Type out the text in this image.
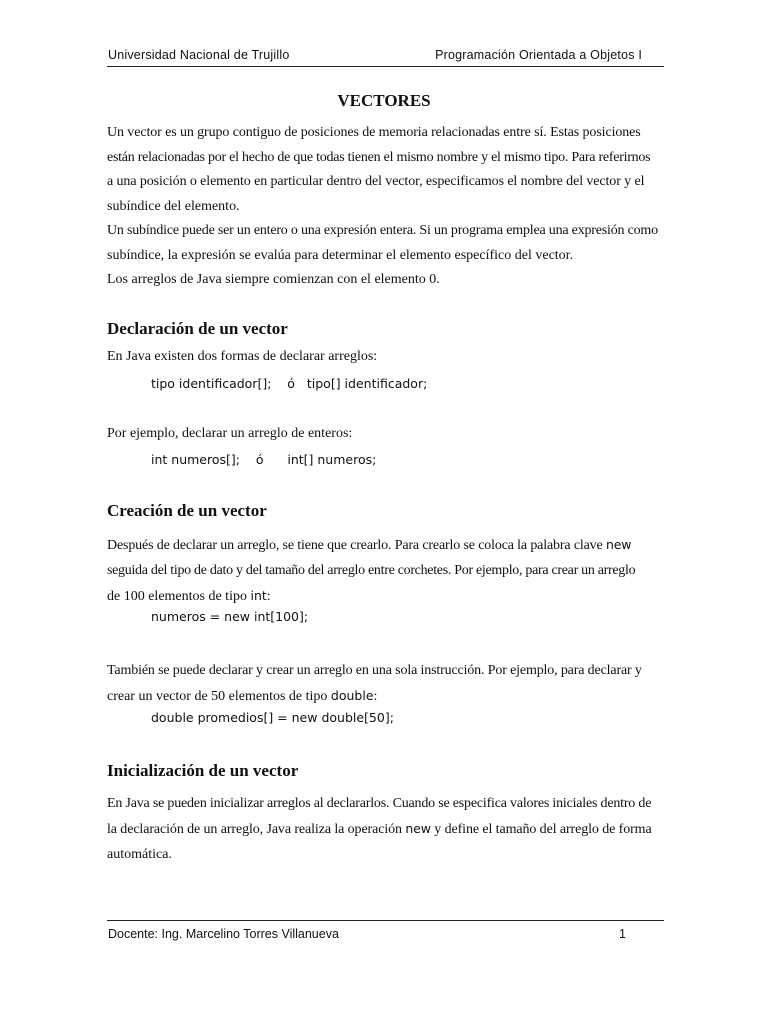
Universidad Nacional de Trujillo	Programación Orientada a Objetos I
VECTORES
Un vector es un grupo contiguo de posiciones de memoria relacionadas entre sí. Estas posiciones
están relacionadas por el hecho de que todas tienen el mismo nombre y el mismo tipo. Para referirnos
a una posición o elemento en particular dentro del vector, especificamos el nombre del vector y el
subíndice del elemento.
Un subíndice puede ser un entero o una expresión entera. Si un programa emplea una expresión como
subíndice, la expresión se evalúa para determinar el elemento específico del vector.
Los arreglos de Java siempre comienzan con el elemento 0.
Declaración de un vector
En Java existen dos formas de declarar arreglos:
tipo identificador[];    ó   tipo[] identificador;
Por ejemplo, declarar un arreglo de enteros:
int numeros[];    ó      int[] numeros;
Creación de un vector
Después de declarar un arreglo, se tiene que crearlo. Para crearlo se coloca la palabra clave new
seguida del tipo de dato y del tamaño del arreglo entre corchetes. Por ejemplo, para crear un arreglo
de 100 elementos de tipo int:
numeros = new int[100];
También se puede declarar y crear un arreglo en una sola instrucción. Por ejemplo, para declarar y
crear un vector de 50 elementos de tipo double:
double promedios[] = new double[50];
Inicialización de un vector
En Java se pueden inicializar arreglos al declararlos. Cuando se especifica valores iniciales dentro de
la declaración de un arreglo, Java realiza la operación new y define el tamaño del arreglo de forma
automática.
Docente: Ing. Marcelino Torres Villanueva	1
